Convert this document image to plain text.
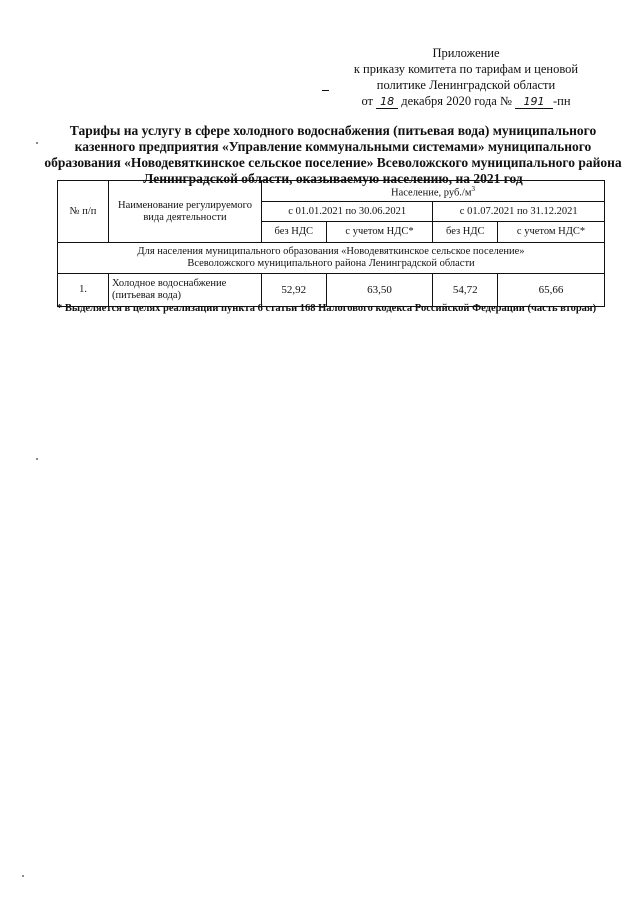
Приложение
к приказу комитета по тарифам и ценовой
политике Ленинградской области
от 18 декабря 2020 года № 191 -пн
Тарифы на услугу в сфере холодного водоснабжения (питьевая вода) муниципального казенного предприятия «Управление коммунальными системами» муниципального образования «Новодевяткинское сельское поселение» Всеволожского муниципального района Ленинградской области, оказываемую населению, на 2021 год
№ п/п	Наименование регулируемого вида деятельности	Население, $руб./м^3$
		с 01.01.2021 по 30.06.2021		с 01.07.2021 по 31.12.2021	
		без НДС	с учетом НДС*	без НДС	с учетом НДС*

Для населения муниципального образования «Новодевяткинское сельское поселение»
Всеволожского муниципального района Ленинградской области					

1.	Холодное водоснабжение (питьевая вода)	52,92	63,50	54,72	65,66
* Выделяется в целях реализации пункта 6 статьи 168 Налогового кодекса Российской Федерации (часть вторая)
